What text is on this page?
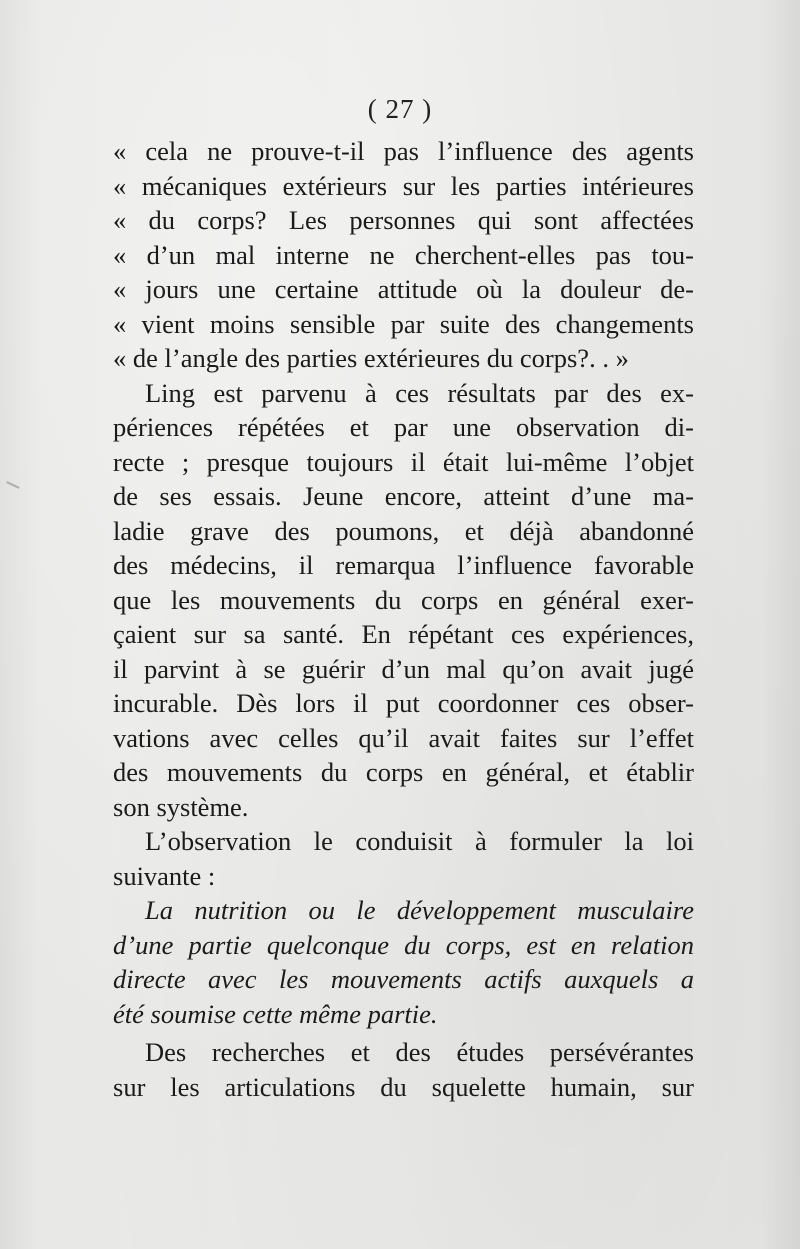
( 27 )
« cela ne prouve-t-il pas l’influence des agents
« mécaniques extérieurs sur les parties intérieures
« du corps? Les personnes qui sont affectées
« d’un mal interne ne cherchent-elles pas tou-
« jours une certaine attitude où la douleur de-
« vient moins sensible par suite des changements
« de l’angle des parties extérieures du corps?. . »
Ling est parvenu à ces résultats par des ex-
périences répétées et par une observation di-
recte ; presque toujours il était lui-même l’objet
de ses essais. Jeune encore, atteint d’une ma-
ladie grave des poumons, et déjà abandonné
des médecins, il remarqua l’influence favorable
que les mouvements du corps en général exer-
çaient sur sa santé. En répétant ces expériences,
il parvint à se guérir d’un mal qu’on avait jugé
incurable. Dès lors il put coordonner ces obser-
vations avec celles qu’il avait faites sur l’effet
des mouvements du corps en général, et établir
son système.
L’observation le conduisit à formuler la loi
suivante :
La nutrition ou le développement musculaire
d’une partie quelconque du corps, est en relation
directe avec les mouvements actifs auxquels a
été soumise cette même partie.
Des recherches et des études persévérantes
sur les articulations du squelette humain, sur
